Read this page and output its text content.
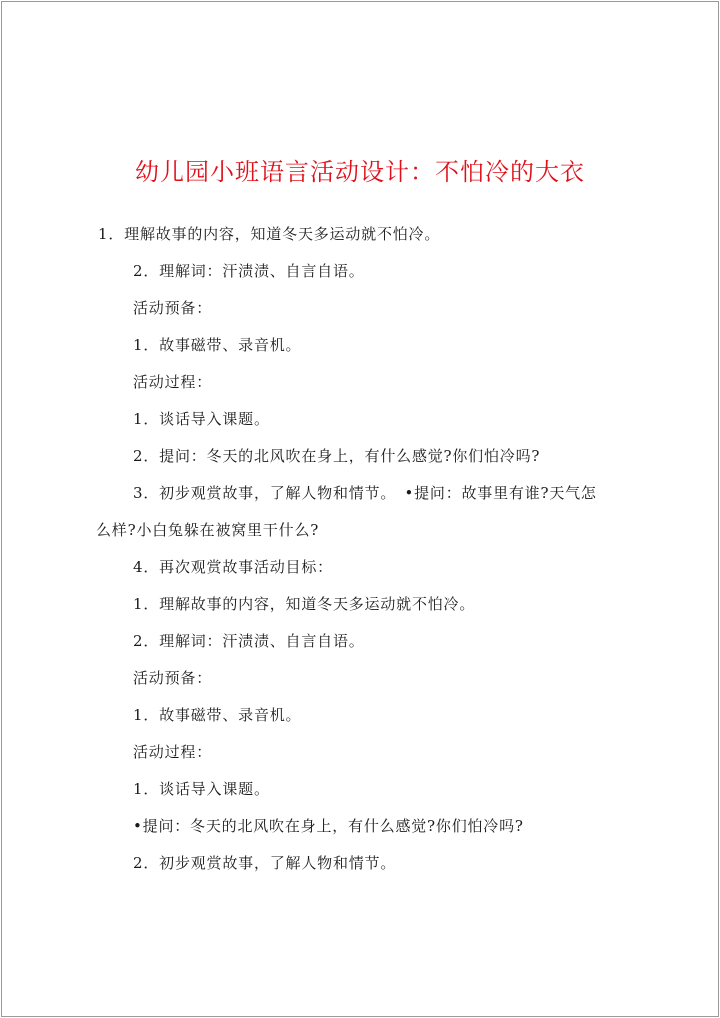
幼儿园小班语言活动设计：不怕冷的大衣

1．理解故事的内容，知道冬天多运动就不怕冷。

2．理解词：汗渍渍、自言自语。

活动预备：

1．故事磁带、录音机。

活动过程：

1．谈话导入课题。

2．提问：冬天的北风吹在身上，有什么感觉?你们怕冷吗?

3．初步观赏故事，了解人物和情节。　•提问：故事里有谁?天气怎

么样?小白兔躲在被窝里干什么?

4．再次观赏故事活动目标：

1．理解故事的内容，知道冬天多运动就不怕冷。

2．理解词：汗渍渍、自言自语。

活动预备：

1．故事磁带、录音机。

活动过程：

1．谈话导入课题。

•提问：冬天的北风吹在身上，有什么感觉?你们怕冷吗?

2．初步观赏故事，了解人物和情节。
